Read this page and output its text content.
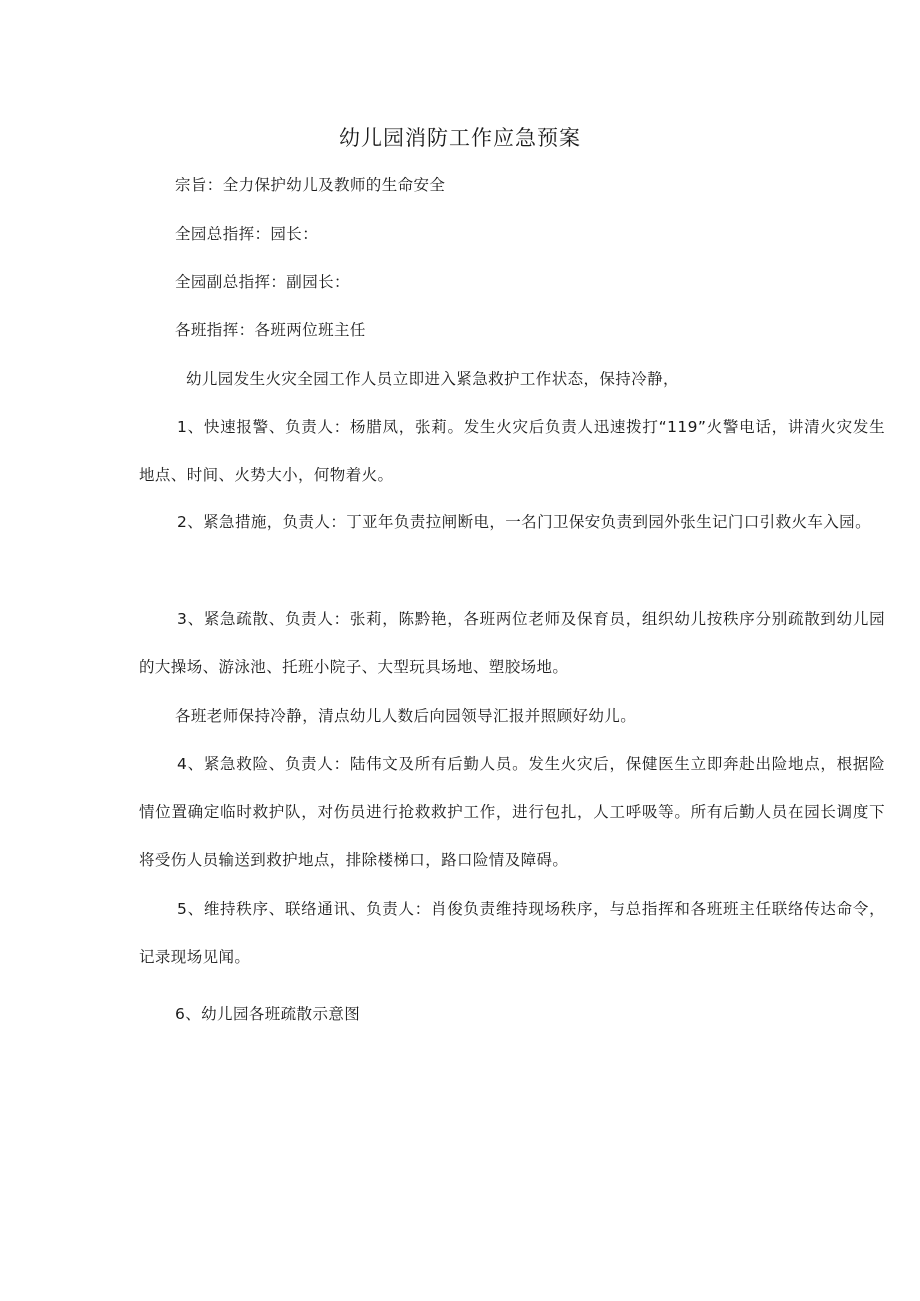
幼儿园消防工作应急预案
宗旨：全力保护幼儿及教师的生命安全
全园总指挥：园长：
全园副总指挥：副园长：
各班指挥：各班两位班主任
幼儿园发生火灾全园工作人员立即进入紧急救护工作状态，保持冷静，
1、快速报警、负责人：杨腊凤，张莉。发生火灾后负责人迅速拨打“119”火警电话，讲清火灾发生地点、时间、火势大小，何物着火。
2、紧急措施，负责人：丁亚年负责拉闸断电，一名门卫保安负责到园外张生记门口引救火车入园。
3、紧急疏散、负责人：张莉，陈黔艳，各班两位老师及保育员，组织幼儿按秩序分别疏散到幼儿园的大操场、游泳池、托班小院子、大型玩具场地、塑胶场地。
各班老师保持冷静，清点幼儿人数后向园领导汇报并照顾好幼儿。
4、紧急救险、负责人：陆伟文及所有后勤人员。发生火灾后，保健医生立即奔赴出险地点，根据险情位置确定临时救护队，对伤员进行抢救救护工作，进行包扎，人工呼吸等。所有后勤人员在园长调度下将受伤人员输送到救护地点，排除楼梯口，路口险情及障碍。
5、维持秩序、联络通讯、负责人：肖俊负责维持现场秩序，与总指挥和各班班主任联络传达命令，记录现场见闻。
6、幼儿园各班疏散示意图
